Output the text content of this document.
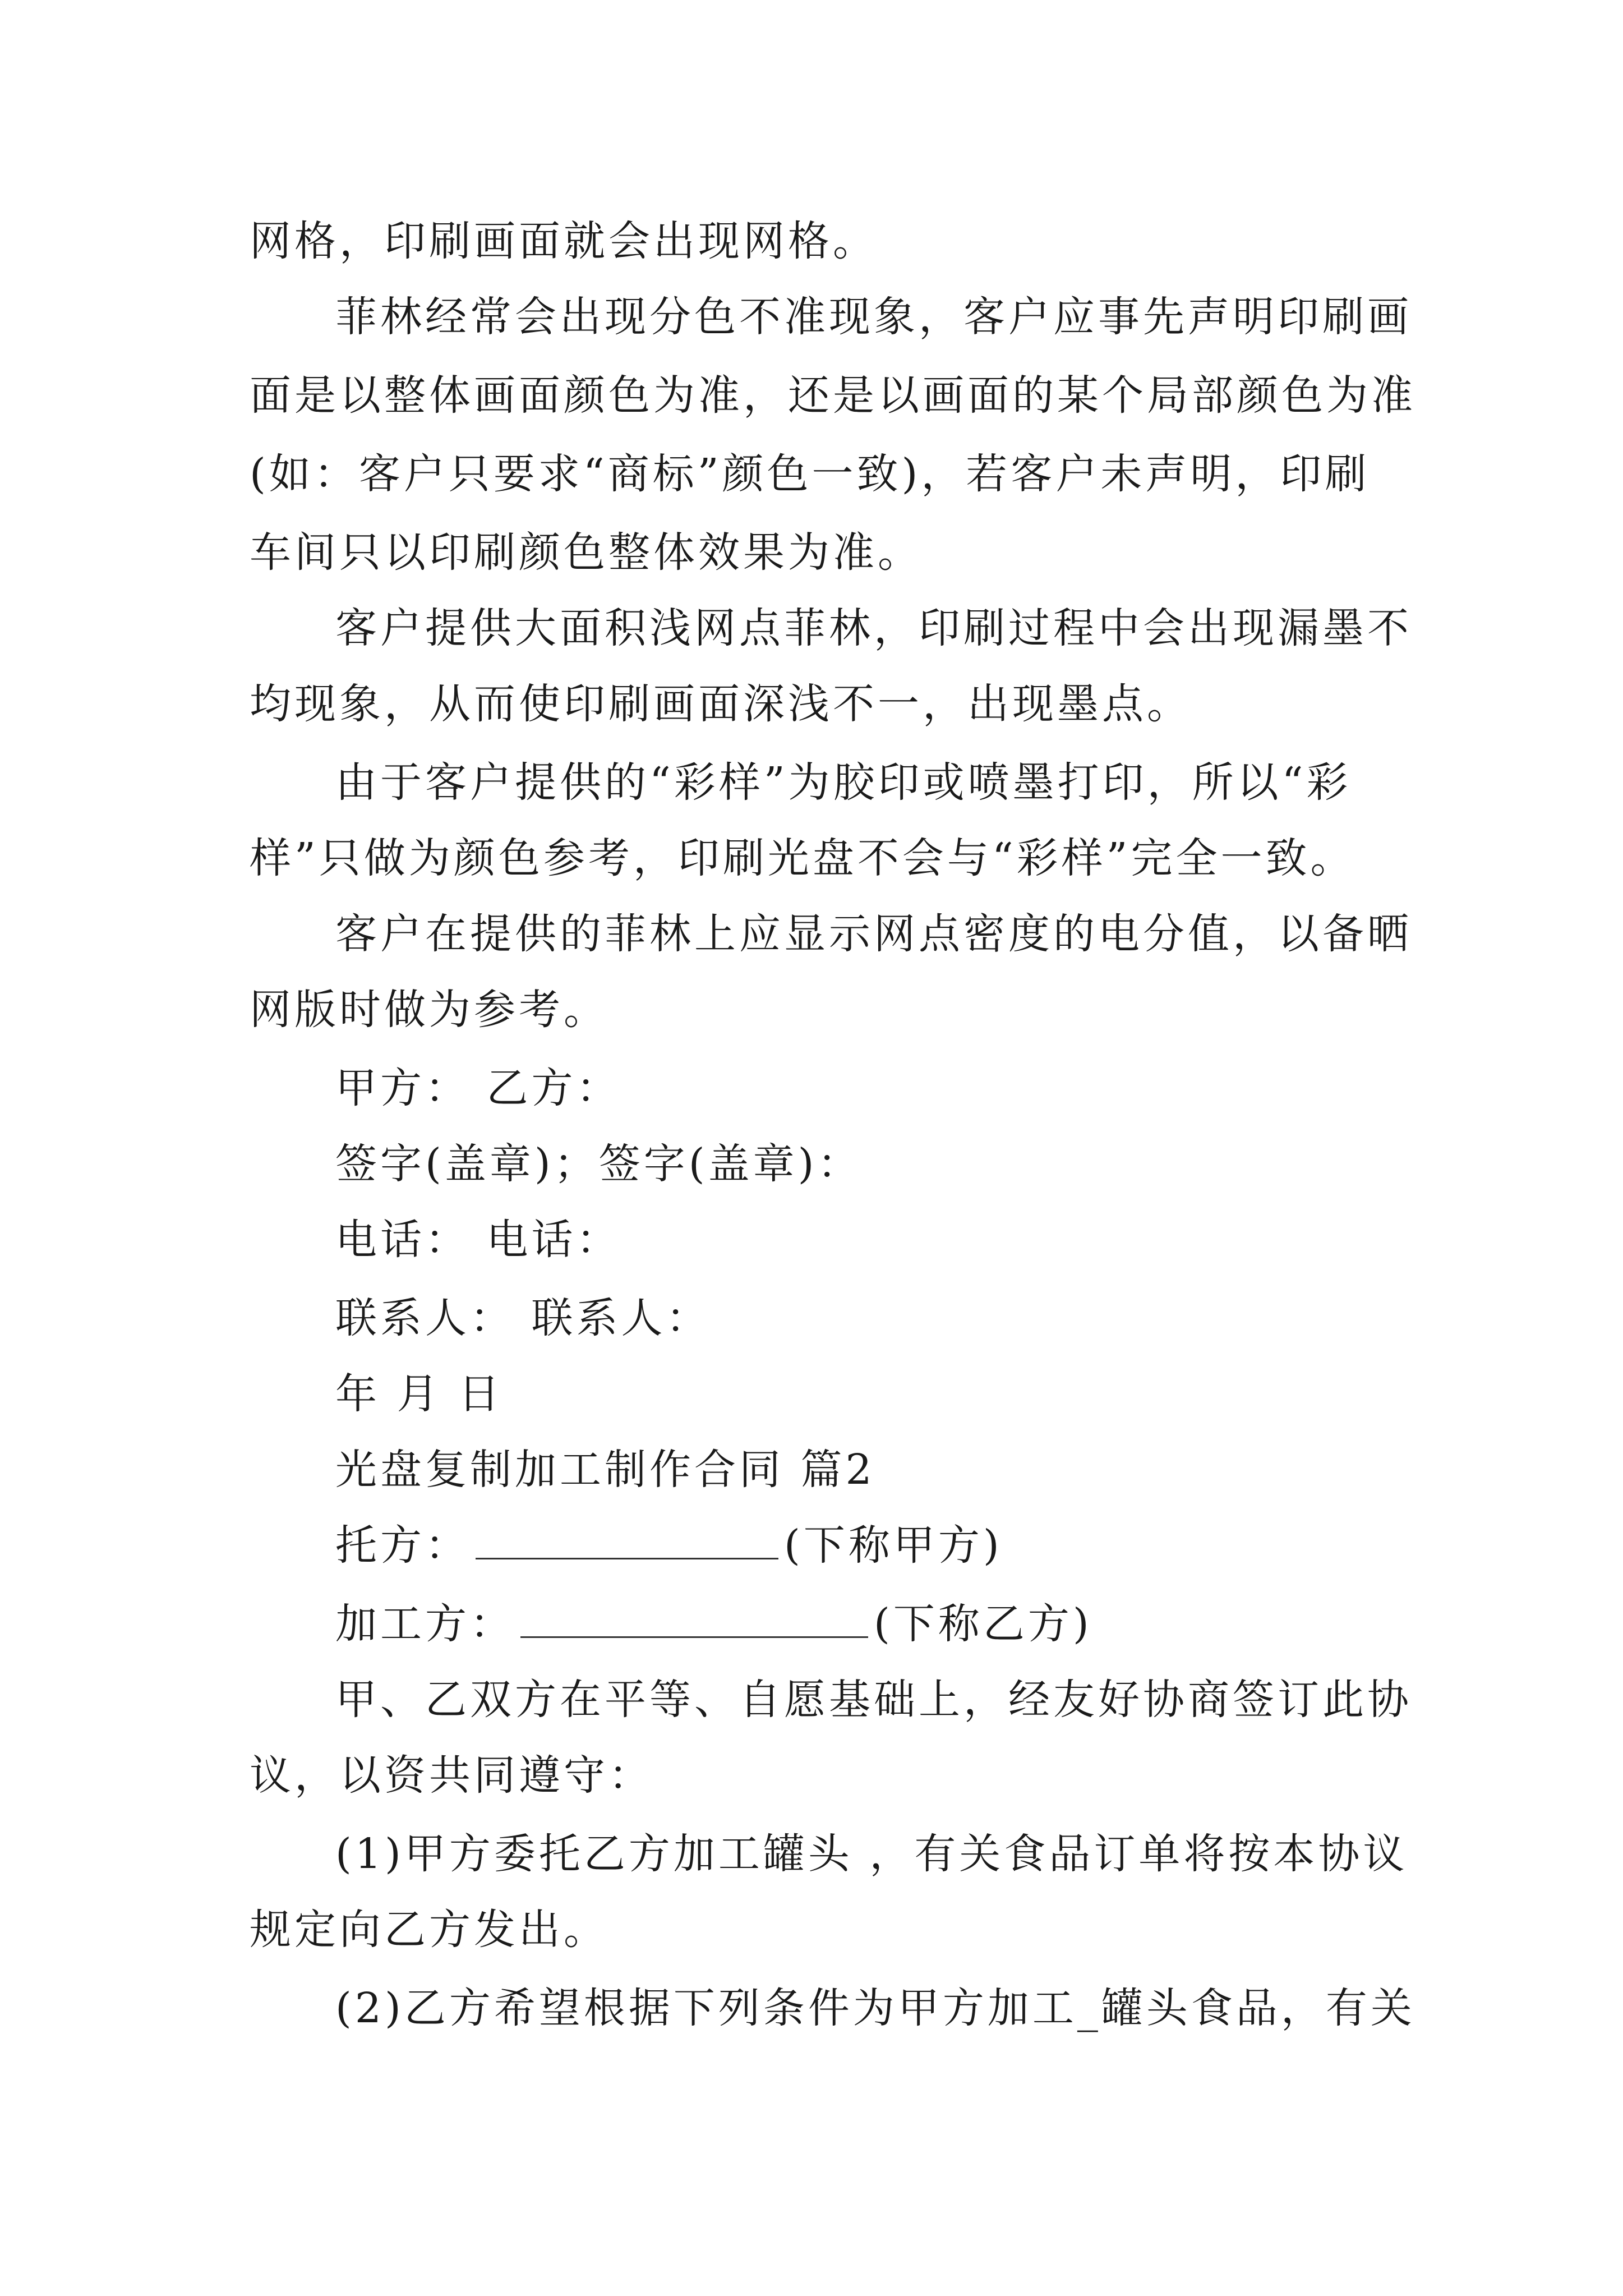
网格，印刷画面就会出现网格。
菲林经常会出现分色不准现象，客户应事先声明印刷画
面是以整体画面颜色为准，还是以画面的某个局部颜色为准
(如：客户只要求“商标”颜色一致)，若客户未声明，印刷
车间只以印刷颜色整体效果为准。
客户提供大面积浅网点菲林，印刷过程中会出现漏墨不
均现象，从而使印刷画面深浅不一，出现墨点。
由于客户提供的“彩样”为胶印或喷墨打印，所以“彩
样”只做为颜色参考，印刷光盘不会与“彩样”完全一致。
客户在提供的菲林上应显示网点密度的电分值，以备晒
网版时做为参考。
甲方： 乙方：
签字(盖章)；签字(盖章)：
电话： 电话：
联系人： 联系人：
年 月 日
光盘复制加工制作合同 篇2
托方：	(下称甲方)
加工方：	(下称乙方)
甲、乙双方在平等、自愿基础上，经友好协商签订此协
议，以资共同遵守：
(1)甲方委托乙方加工罐头 ，有关食品订单将按本协议
规定向乙方发出。
(2)乙方希望根据下列条件为甲方加工_罐头食品，有关
